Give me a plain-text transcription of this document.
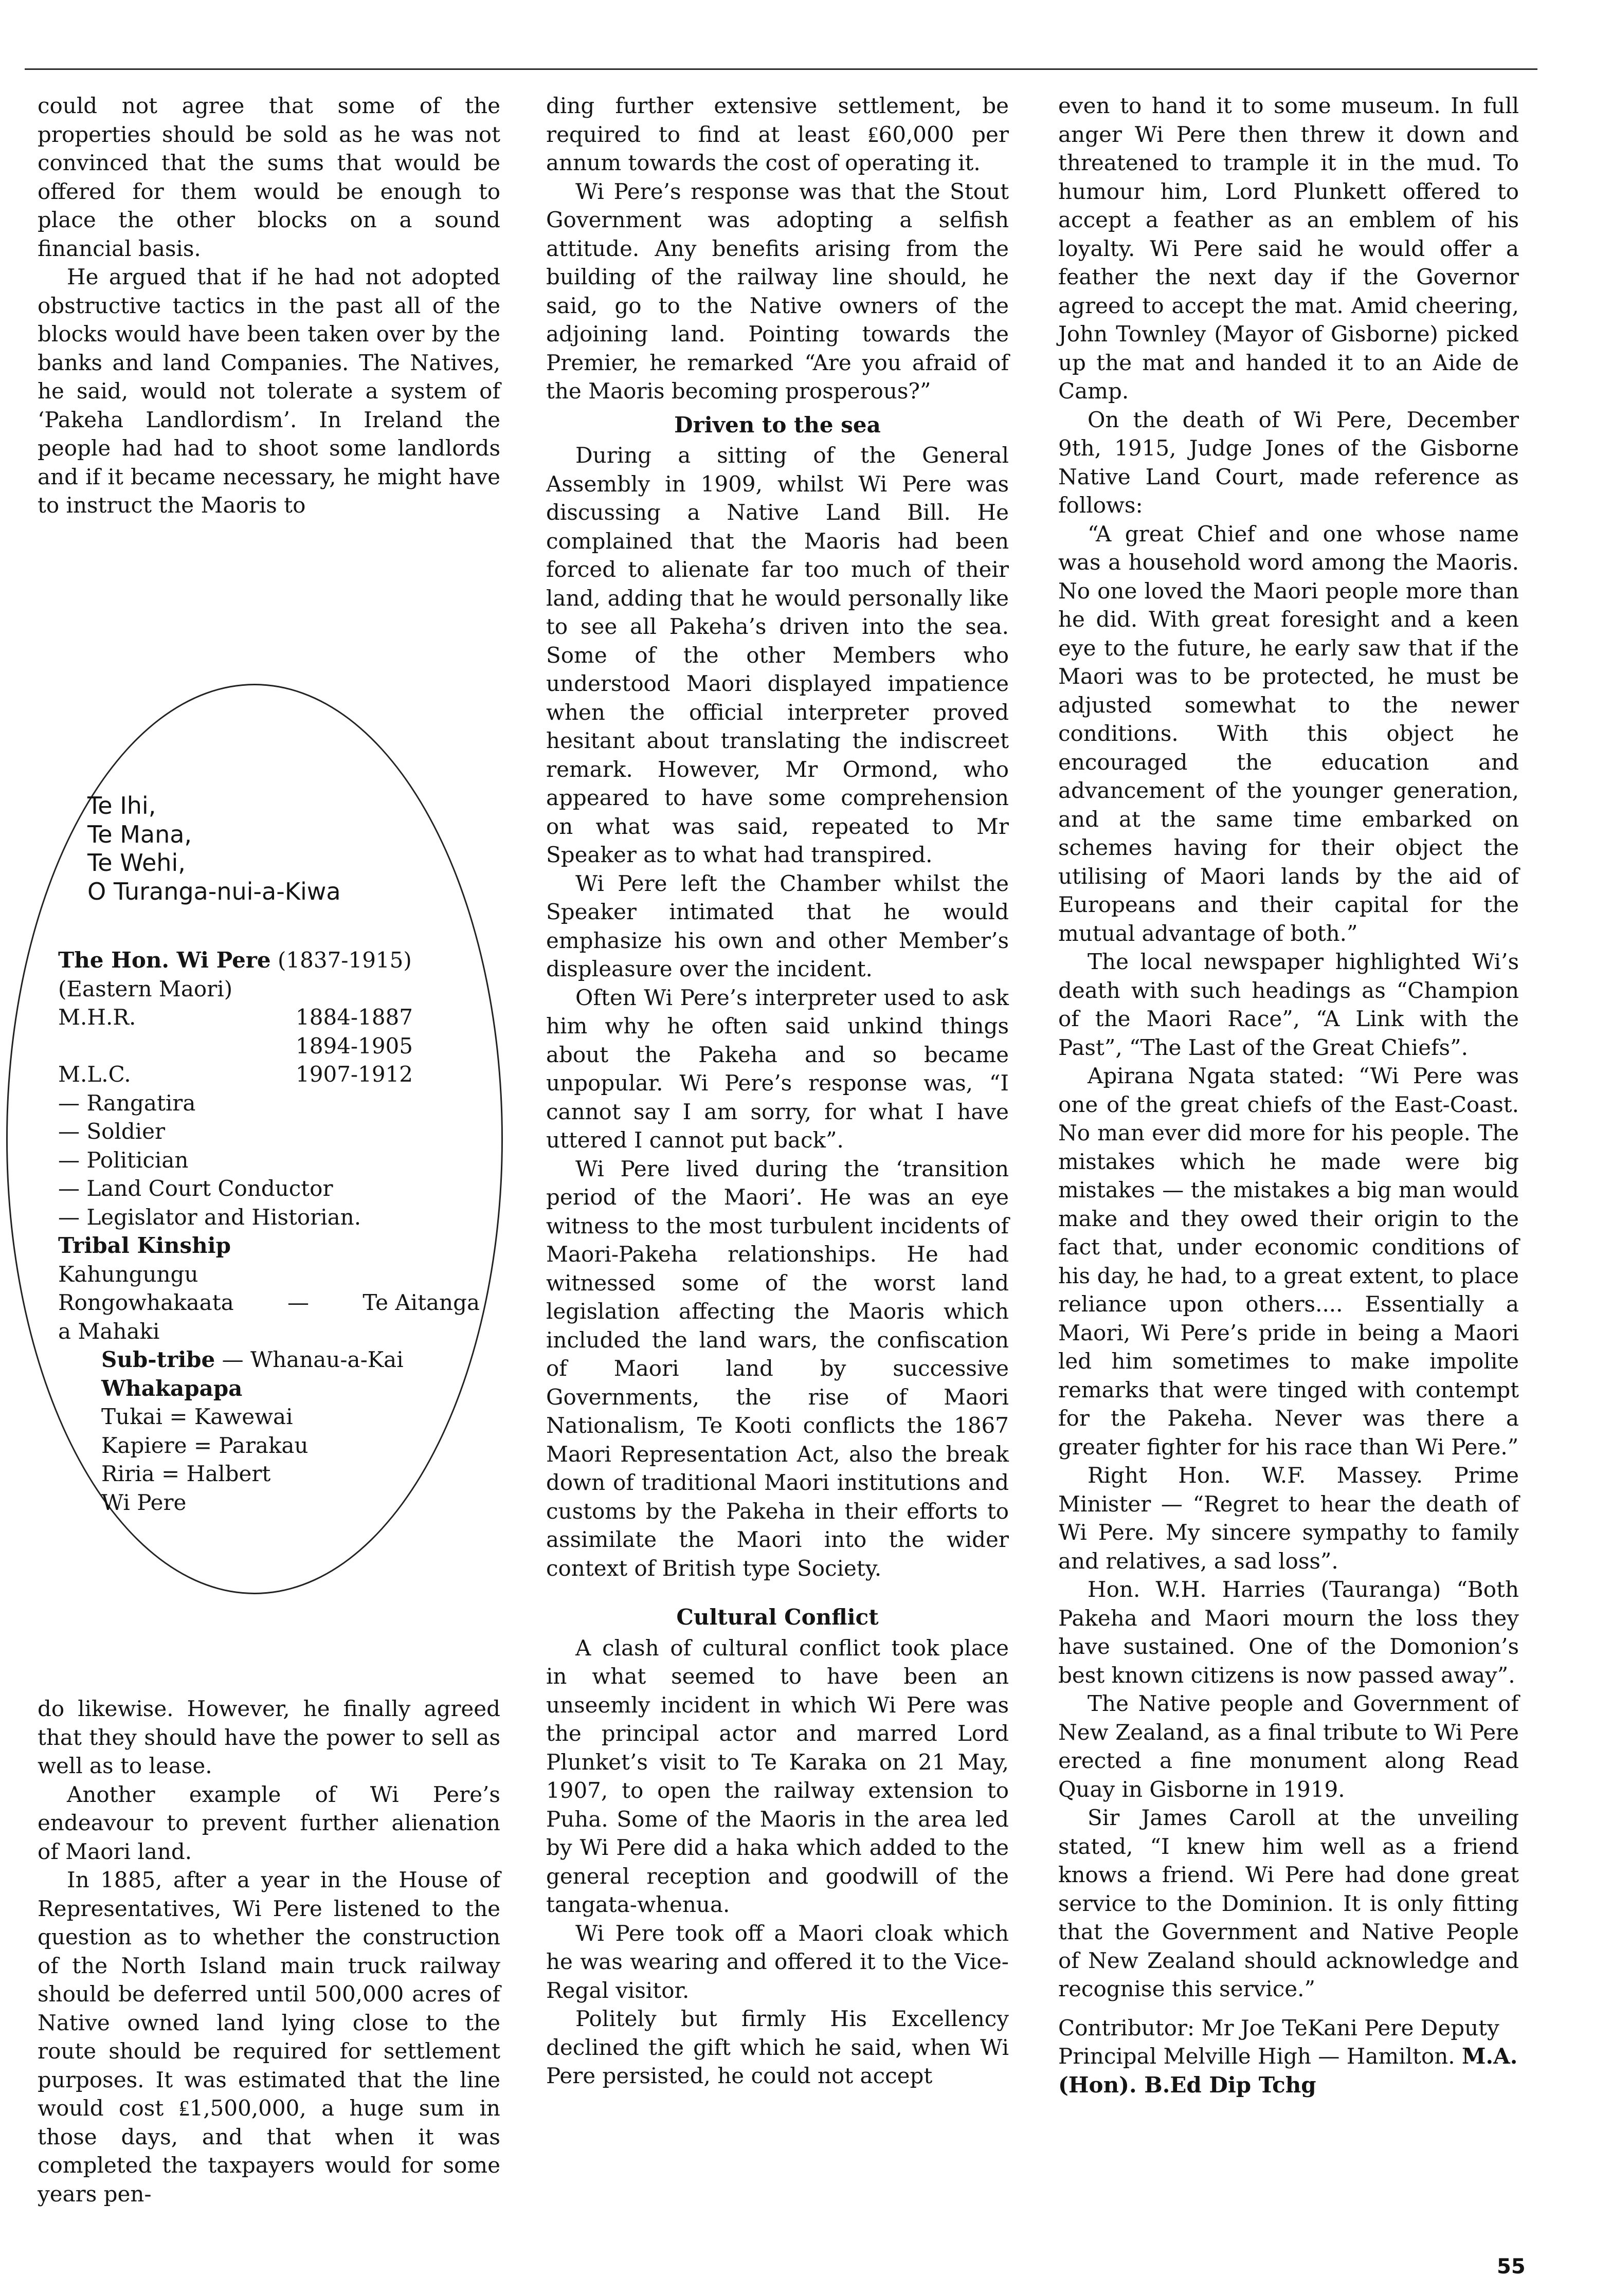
could not agree that some of the properties should be sold as he was not convinced that the sums that would be offered for them would be enough to place the other blocks on a sound financial basis.

He argued that if he had not adopted obstructive tactics in the past all of the blocks would have been taken over by the banks and land Companies. The Natives, he said, would not tolerate a system of ‘Pakeha Landlordism’. In Ireland the people had had to shoot some landlords and if it became necessary, he might have to instruct the Maoris to

Te Ihi,
Te Mana,
Te Wehi,
O Turanga-nui-a-Kiwa
The Hon. Wi Pere (1837-1915)
(Eastern Maori)
M.H.R.	1884-1887
1894-1905
M.L.C.	1907-1912
— Rangatira
— Soldier
— Politician
— Land Court Conductor
— Legislator and Historian.
Tribal Kinship
Kahungungu
Rongowhakaata — Te Aitanga
a Mahaki
Sub-tribe — Whanau-a-Kai
Whakapapa
Tukai = Kawewai
Kapiere = Parakau
Riria = Halbert
Wi Pere

do likewise. However, he finally agreed that they should have the power to sell as well as to lease.

Another example of Wi Pere’s endeavour to prevent further alienation of Maori land.

In 1885, after a year in the House of Representatives, Wi Pere listened to the question as to whether the construction of the North Island main truck railway should be deferred until 500,000 acres of Native owned land lying close to the route should be required for settlement purposes. It was estimated that the line would cost ₤1,500,000, a huge sum in those days, and that when it was completed the taxpayers would for some years pen-

ding further extensive settlement, be required to find at least ₤60,000 per annum towards the cost of operating it.

Wi Pere’s response was that the Stout Government was adopting a selfish attitude. Any benefits arising from the building of the railway line should, he said, go to the Native owners of the adjoining land. Pointing towards the Premier, he remarked “Are you afraid of the Maoris becoming prosperous?”

Driven to the sea

During a sitting of the General Assembly in 1909, whilst Wi Pere was discussing a Native Land Bill. He complained that the Maoris had been forced to alienate far too much of their land, adding that he would personally like to see all Pakeha’s driven into the sea. Some of the other Members who understood Maori displayed impatience when the official interpreter proved hesitant about translating the indiscreet remark. However, Mr Ormond, who appeared to have some comprehension on what was said, repeated to Mr Speaker as to what had transpired.

Wi Pere left the Chamber whilst the Speaker intimated that he would emphasize his own and other Member’s displeasure over the incident.

Often Wi Pere’s interpreter used to ask him why he often said unkind things about the Pakeha and so became unpopular. Wi Pere’s response was, “I cannot say I am sorry, for what I have uttered I cannot put back”.

Wi Pere lived during the ‘transition period of the Maori’. He was an eye witness to the most turbulent incidents of Maori-Pakeha relationships. He had witnessed some of the worst land legislation affecting the Maoris which included the land wars, the confiscation of Maori land by successive Governments, the rise of Maori Nationalism, Te Kooti conflicts the 1867 Maori Representation Act, also the break down of traditional Maori institutions and customs by the Pakeha in their efforts to assimilate the Maori into the wider context of British type Society.

Cultural Conflict

A clash of cultural conflict took place in what seemed to have been an unseemly incident in which Wi Pere was the principal actor and marred Lord Plunket’s visit to Te Karaka on 21 May, 1907, to open the railway extension to Puha. Some of the Maoris in the area led by Wi Pere did a haka which added to the general reception and goodwill of the tangata-whenua.

Wi Pere took off a Maori cloak which he was wearing and offered it to the Vice-Regal visitor.

Politely but firmly His Excellency declined the gift which he said, when Wi Pere persisted, he could not accept

even to hand it to some museum. In full anger Wi Pere then threw it down and threatened to trample it in the mud. To humour him, Lord Plunkett offered to accept a feather as an emblem of his loyalty. Wi Pere said he would offer a feather the next day if the Governor agreed to accept the mat. Amid cheering, John Townley (Mayor of Gisborne) picked up the mat and handed it to an Aide de Camp.

On the death of Wi Pere, December 9th, 1915, Judge Jones of the Gisborne Native Land Court, made reference as follows:

“A great Chief and one whose name was a household word among the Maoris. No one loved the Maori people more than he did. With great foresight and a keen eye to the future, he early saw that if the Maori was to be protected, he must be adjusted somewhat to the newer conditions. With this object he encouraged the education and advancement of the younger generation, and at the same time embarked on schemes having for their object the utilising of Maori lands by the aid of Europeans and their capital for the mutual advantage of both.”

The local newspaper highlighted Wi’s death with such headings as “Champion of the Maori Race”, “A Link with the Past”, “The Last of the Great Chiefs”.

Apirana Ngata stated: “Wi Pere was one of the great chiefs of the East-Coast. No man ever did more for his people. The mistakes which he made were big mistakes — the mistakes a big man would make and they owed their origin to the fact that, under economic conditions of his day, he had, to a great extent, to place reliance upon others.... Essentially a Maori, Wi Pere’s pride in being a Maori led him sometimes to make impolite remarks that were tinged with contempt for the Pakeha. Never was there a greater fighter for his race than Wi Pere.”

Right Hon. W.F. Massey. Prime Minister — “Regret to hear the death of Wi Pere. My sincere sympathy to family and relatives, a sad loss”.

Hon. W.H. Harries (Tauranga) “Both Pakeha and Maori mourn the loss they have sustained. One of the Domonion’s best known citizens is now passed away”.

The Native people and Government of New Zealand, as a final tribute to Wi Pere erected a fine monument along Read Quay in Gisborne in 1919.

Sir James Caroll at the unveiling stated, “I knew him well as a friend knows a friend. Wi Pere had done great service to the Dominion. It is only fitting that the Government and Native People of New Zealand should acknowledge and recognise this service.”

Contributor: Mr Joe TeKani Pere Deputy Principal Melville High — Hamilton. M.A. (Hon). B.Ed Dip Tchg

55
